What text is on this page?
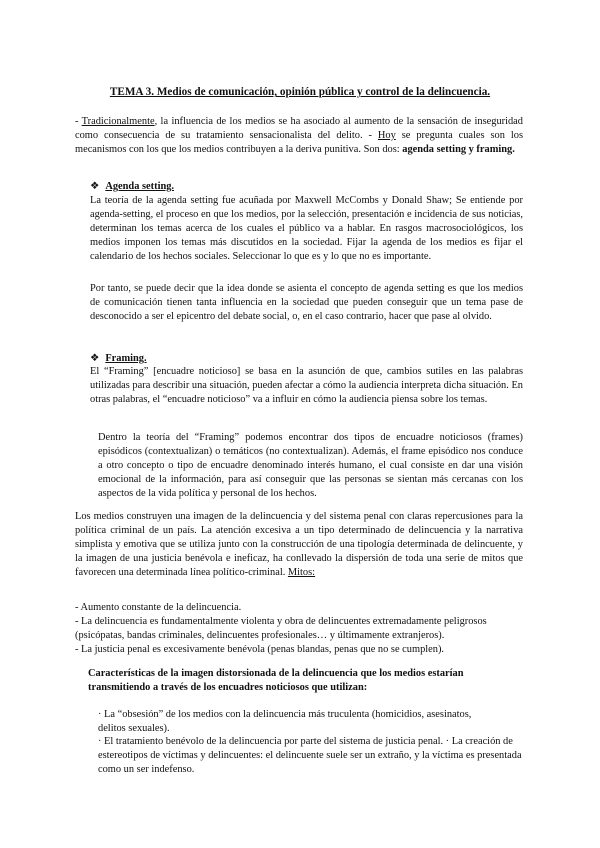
TEMA 3. Medios de comunicación, opinión pública y control de la delincuencia.
- Tradicionalmente, la influencia de los medios se ha asociado al aumento de la sensación de inseguridad como consecuencia de su tratamiento sensacionalista del delito. - Hoy se pregunta cuales son los mecanismos con los que los medios contribuyen a la deriva punitiva. Son dos: agenda setting y framing.
❖ Agenda setting.

La teoría de la agenda setting fue acuñada por Maxwell McCombs y Donald Shaw; Se entiende por agenda-setting, el proceso en que los medios, por la selección, presentación e incidencia de sus noticias, determinan los temas acerca de los cuales el público va a hablar. En rasgos macrosociológicos, los medios imponen los temas más discutidos en la sociedad. Fijar la agenda de los medios es fijar el calendario de los hechos sociales. Seleccionar lo que es y lo que no es importante.

Por tanto, se puede decir que la idea donde se asienta el concepto de agenda setting es que los medios de comunicación tienen tanta influencia en la sociedad que pueden conseguir que un tema pase de desconocido a ser el epicentro del debate social, o, en el caso contrario, hacer que pase al olvido.

❖ Framing.

El “Framing” [encuadre noticioso] se basa en la asunción de que, cambios sutiles en las palabras utilizadas para describir una situación, pueden afectar a cómo la audiencia interpreta dicha situación. En otras palabras, el “encuadre noticioso” va a influir en cómo la audiencia piensa sobre los temas.

Dentro la teoría del “Framing” podemos encontrar dos tipos de encuadre noticiosos (frames) episódicos (contextualizan) o temáticos (no contextualizan). Además, el frame episódico nos conduce a otro concepto o tipo de encuadre denominado interés humano, el cual consiste en dar una visión emocional de la información, para así conseguir que las personas se sientan más cercanas con los aspectos de la vida política y personal de los hechos.

Los medios construyen una imagen de la delincuencia y del sistema penal con claras repercusiones para la política criminal de un país. La atención excesiva a un tipo determinado de delincuencia y la narrativa simplista y emotiva que se utiliza junto con la construcción de una tipología determinada de delincuente, y la imagen de una justicia benévola e ineficaz, ha conllevado la dispersión de toda una serie de mitos que favorecen una determinada línea político-criminal. Mitos:

- Aumento constante de la delincuencia.

- La delincuencia es fundamentalmente violenta y obra de delincuentes extremadamente peligrosos (psicópatas, bandas criminales, delincuentes profesionales… y últimamente extranjeros).

- La justicia penal es excesivamente benévola (penas blandas, penas que no se cumplen).

Características de la imagen distorsionada de la delincuencia que los medios estarían transmitiendo a través de los encuadres noticiosos que utilizan:

· La “obsesión” de los medios con la delincuencia más truculenta (homicidios, asesinatos, delitos sexuales).

· El tratamiento benévolo de la delincuencia por parte del sistema de justicia penal. · La creación de estereotipos de víctimas y delincuentes: el delincuente suele ser un extraño, y la víctima es presentada como un ser indefenso.
